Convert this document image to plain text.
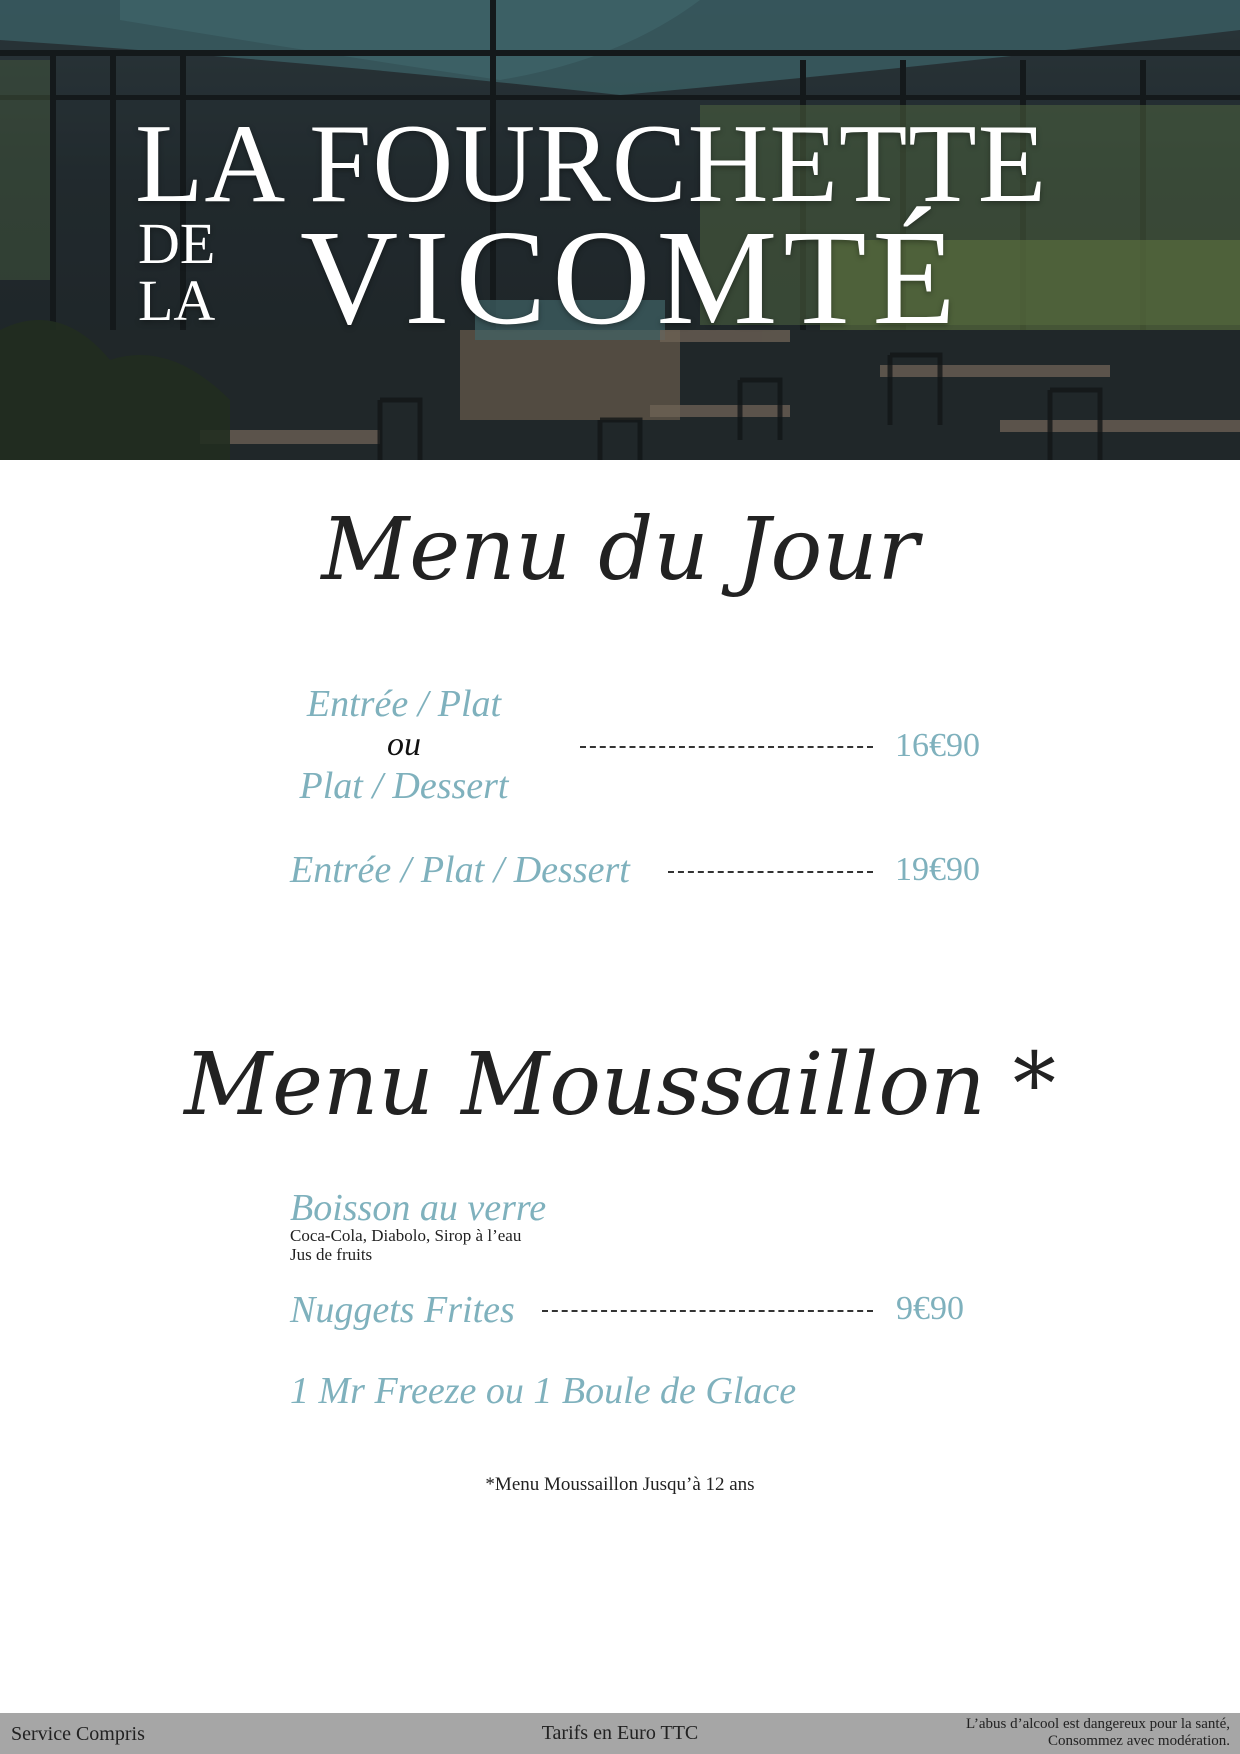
LA FOURCHETTE
DE
LA VICOMTÉ
Menu du Jour
Entrée / Plat
ou
Plat / Dessert
16€90
Entrée / Plat / Dessert	19€90
Menu Moussaillon *
Boisson au verre
Coca-Cola, Diabolo, Sirop à l’eau
Jus de fruits
Nuggets Frites	9€90
1 Mr Freeze ou 1 Boule de Glace
*Menu Moussaillon Jusqu’à 12 ans
Service Compris	Tarifs en Euro TTC	L’abus d’alcool est dangereux pour la santé,
Consommez avec modération.
